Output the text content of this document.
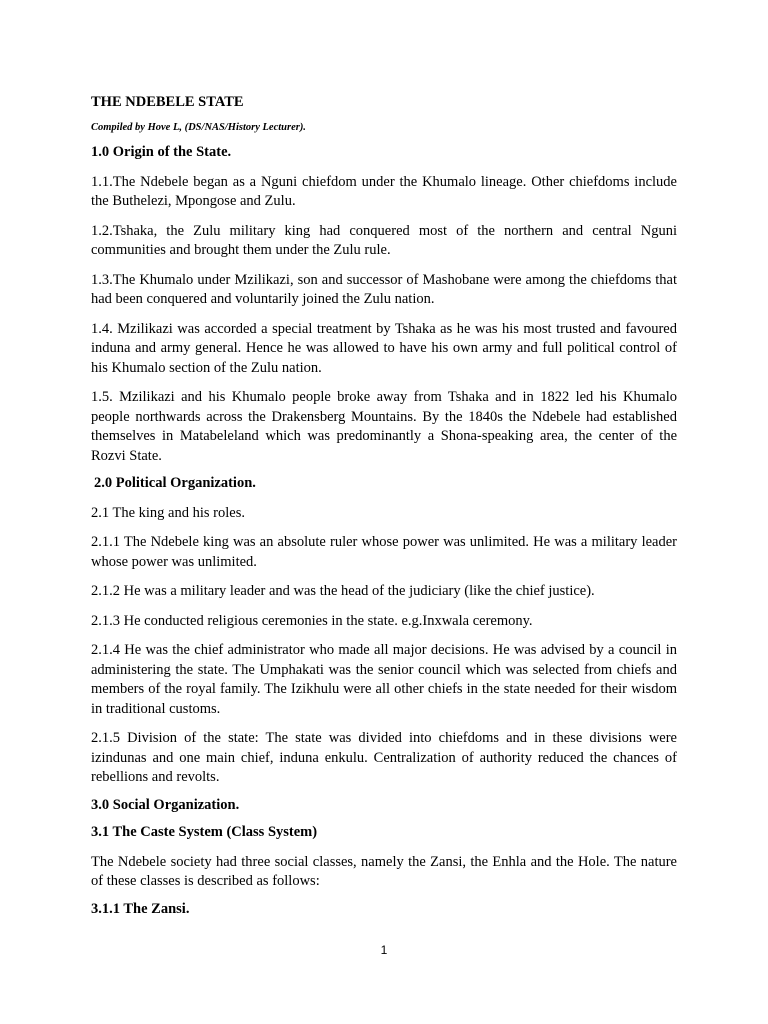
THE NDEBELE STATE

Compiled by Hove L, (DS/NAS/History Lecturer).

1.0 Origin of the State.

1.1.The Ndebele began as a Nguni chiefdom under the Khumalo lineage. Other chiefdoms include the Buthelezi, Mpongose and Zulu.

1.2.Tshaka, the Zulu military king had conquered most of the northern and central Nguni communities and brought them under the Zulu rule.

1.3.The Khumalo under Mzilikazi, son and successor of Mashobane were among the chiefdoms that had been conquered and voluntarily joined the Zulu nation.

1.4. Mzilikazi was accorded a special treatment by Tshaka as he was his most trusted and favoured induna and army general. Hence he was allowed to have his own army and full political control of his Khumalo section of the Zulu nation.

1.5. Mzilikazi and his Khumalo people broke away from Tshaka and in 1822 led his Khumalo people northwards across the Drakensberg Mountains. By the 1840s the Ndebele had established themselves in Matabeleland which was predominantly a Shona-speaking area, the center of the Rozvi State.

2.0 Political Organization.

2.1 The king and his roles.

2.1.1 The Ndebele king was an absolute ruler whose power was unlimited. He was a military leader whose power was unlimited.

2.1.2 He was a military leader and was the head of the judiciary (like the chief justice).

2.1.3 He conducted religious ceremonies in the state. e.g.Inxwala ceremony.

2.1.4 He was the chief administrator who made all major decisions. He was advised by a council in administering the state. The Umphakati was the senior council which was selected from chiefs and members of the royal family. The Izikhulu were all other chiefs in the state needed for their wisdom in traditional customs.

2.1.5 Division of the state: The state was divided into chiefdoms and in these divisions were izindunas and one main chief, induna enkulu. Centralization of authority reduced the chances of rebellions and revolts.

3.0 Social Organization.
3.1 The Caste System (Class System)

The Ndebele society had three social classes, namely the Zansi, the Enhla and the Hole. The nature of these classes is described as follows:

3.1.1 The Zansi.
1
